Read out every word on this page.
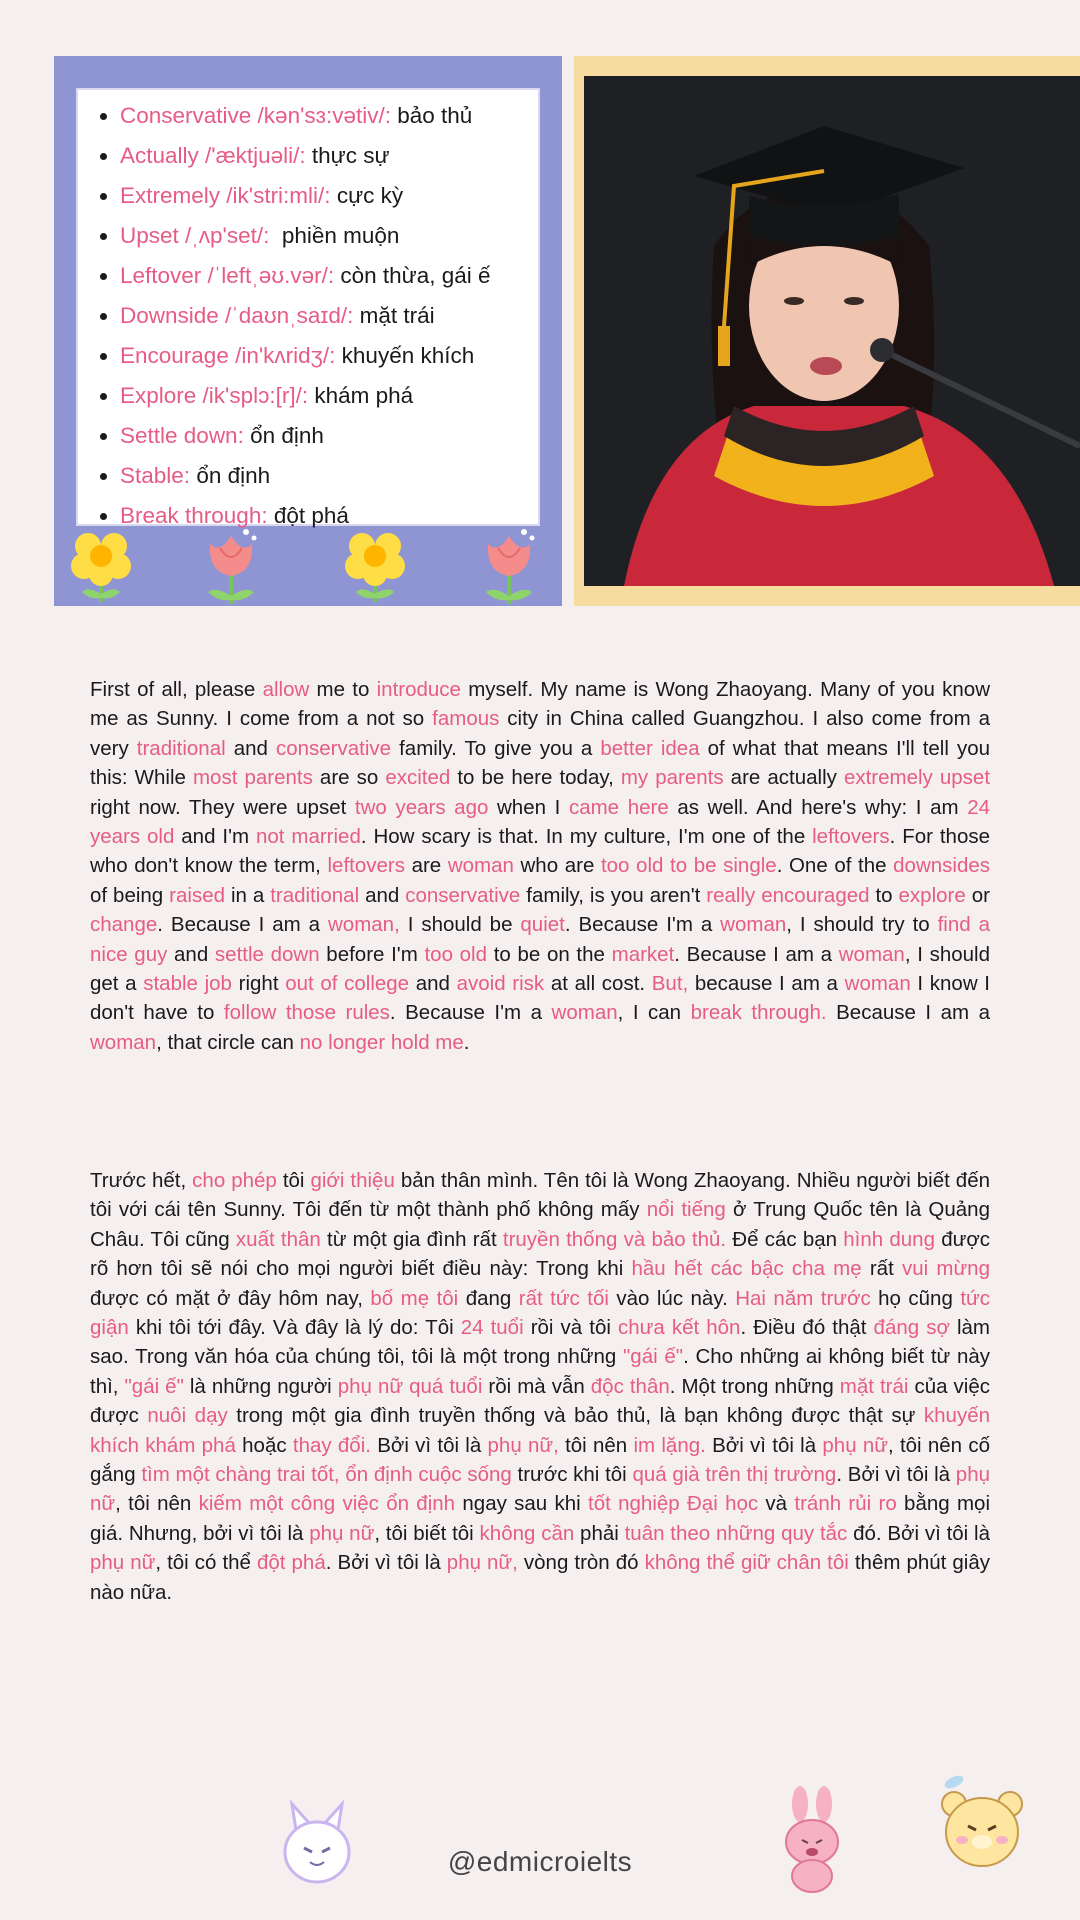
Conservative /kən'sɜ:vətiv/: bảo thủ
Actually /'æktjuəli/: thực sự
Extremely /ik'stri:mli/: cực kỳ
Upset /ˌʌp'set/:  phiền muộn
Leftover /ˈleftˌəʊ.vər/: còn thừa, gái ế
Downside /ˈdaʊnˌsaɪd/: mặt trái
Encourage /in'kʌridʒ/: khuyến khích
Explore /ik'splɔ:[r]/: khám phá
Settle down: ổn định
Stable: ổn định
Break through: đột phá

First of all, please allow me to introduce myself. My name is Wong Zhaoyang. Many of you know me as Sunny. I come from a not so famous city in China called Guangzhou. I also come from a very traditional and conservative family. To give you a better idea of what that means I'll tell you this: While most parents are so excited to be here today, my parents are actually extremely upset right now. They were upset two years ago when I came here as well. And here's why: I am 24 years old and I'm not married. How scary is that. In my culture, I'm one of the leftovers. For those who don't know the term, leftovers are woman who are too old to be single. One of the downsides of being raised in a traditional and conservative family, is you aren't really encouraged to explore or change. Because I am a woman, I should be quiet. Because I'm a woman, I should try to find a nice guy and settle down before I'm too old to be on the market. Because I am a woman, I should get a stable job right out of college and avoid risk at all cost. But, because I am a woman I know I don't have to follow those rules. Because I'm a woman, I can break through. Because I am a woman, that circle can no longer hold me.

Trước hết, cho phép tôi giới thiệu bản thân mình. Tên tôi là Wong Zhaoyang. Nhiều người biết đến tôi với cái tên Sunny. Tôi đến từ một thành phố không mấy nổi tiếng ở Trung Quốc tên là Quảng Châu. Tôi cũng xuất thân từ một gia đình rất truyền thống và bảo thủ. Để các bạn hình dung được rõ hơn tôi sẽ nói cho mọi người biết điều này: Trong khi hầu hết các bậc cha mẹ rất vui mừng được có mặt ở đây hôm nay, bố mẹ tôi đang rất tức tối vào lúc này. Hai năm trước họ cũng tức giận khi tôi tới đây. Và đây là lý do: Tôi 24 tuổi rồi và tôi chưa kết hôn. Điều đó thật đáng sợ làm sao. Trong văn hóa của chúng tôi, tôi là một trong những "gái ế". Cho những ai không biết từ này thì, "gái ế" là những người phụ nữ quá tuổi rồi mà vẫn độc thân. Một trong những mặt trái của việc được nuôi dạy trong một gia đình truyền thống và bảo thủ, là bạn không được thật sự khuyến khích khám phá hoặc thay đổi. Bởi vì tôi là phụ nữ, tôi nên im lặng. Bởi vì tôi là phụ nữ, tôi nên cố gắng tìm một chàng trai tốt, ổn định cuộc sống trước khi tôi quá già trên thị trường. Bởi vì tôi là phụ nữ, tôi nên kiếm một công việc ổn định ngay sau khi tốt nghiệp Đại học và tránh rủi ro bằng mọi giá. Nhưng, bởi vì tôi là phụ nữ, tôi biết tôi không cần phải tuân theo những quy tắc đó. Bởi vì tôi là phụ nữ, tôi có thể đột phá. Bởi vì tôi là phụ nữ, vòng tròn đó không thể giữ chân tôi thêm phút giây nào nữa.

@edmicroielts
